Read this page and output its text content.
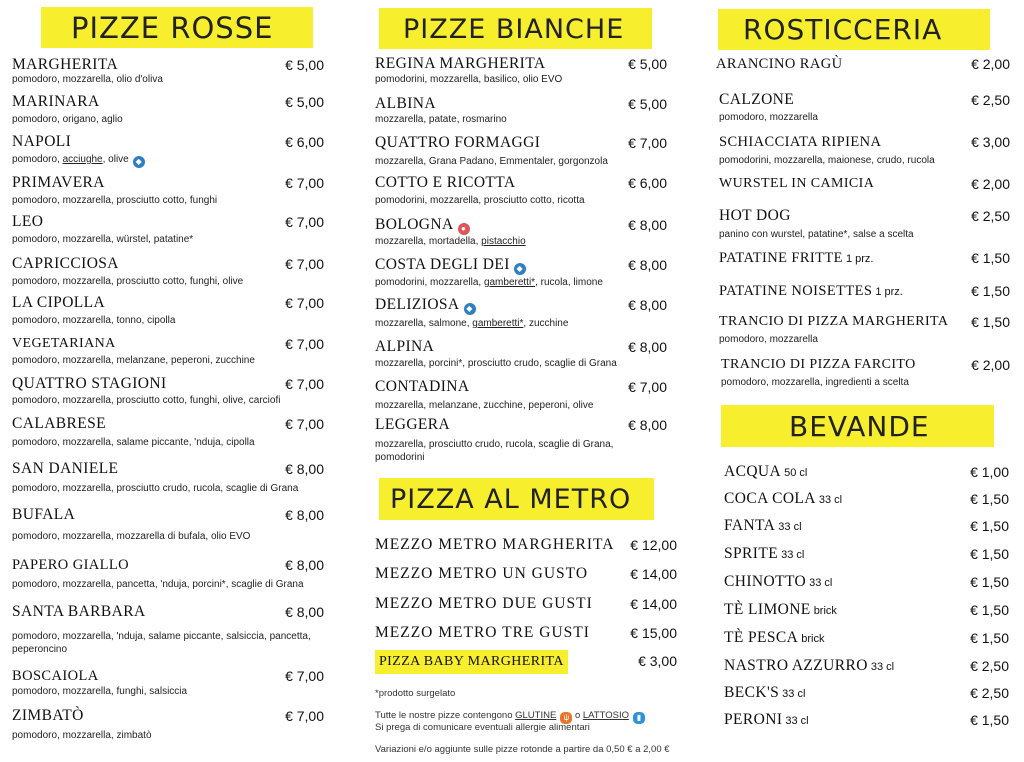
PIZZE ROSSE
MARGHERITA	€ 5,00
pomodoro, mozzarella, olio d'oliva
MARINARA	€ 5,00
pomodoro, origano, aglio
NAPOLI	€ 6,00
pomodoro, acciughe, olive ◆
PRIMAVERA	€ 7,00
pomodoro, mozzarella, prosciutto cotto, funghi
LEO	€ 7,00
pomodoro, mozzarella, würstel, patatine*
CAPRICCIOSA	€ 7,00
pomodoro, mozzarella, prosciutto cotto, funghi, olive
LA CIPOLLA	€ 7,00
pomodoro, mozzarella, tonno, cipolla
VEGETARIANA	€ 7,00
pomodoro, mozzarella, melanzane, peperoni, zucchine
QUATTRO STAGIONI	€ 7,00
pomodoro, mozzarella, prosciutto cotto, funghi, olive, carciofi
CALABRESE	€ 7,00
pomodoro, mozzarella, salame piccante, 'nduja, cipolla
SAN DANIELE	€ 8,00
pomodoro, mozzarella, prosciutto crudo, rucola, scaglie di Grana
BUFALA	€ 8,00
pomodoro, mozzarella, mozzarella di bufala, olio EVO
PAPERO GIALLO	€ 8,00
pomodoro, mozzarella, pancetta, 'nduja, porcini*, scaglie di Grana
SANTA BARBARA	€ 8,00
pomodoro, mozzarella, 'nduja, salame piccante, salsiccia, pancetta, peperoncino
BOSCAIOLA	€ 7,00
pomodoro, mozzarella, funghi, salsiccia
ZIMBATÒ	€ 7,00
pomodoro, mozzarella, zimbatò
PIZZE BIANCHE
REGINA MARGHERITA	€ 5,00
pomodorini, mozzarella, basilico, olio EVO
ALBINA	€ 5,00
mozzarella, patate, rosmarino
QUATTRO FORMAGGI	€ 7,00
mozzarella, Grana Padano, Emmentaler, gorgonzola
COTTO E RICOTTA	€ 6,00
pomodorini, mozzarella, prosciutto cotto, ricotta
BOLOGNA ●	€ 8,00
mozzarella, mortadella, pistacchio
COSTA DEGLI DEI ◆	€ 8,00
pomodorini, mozzarella, gamberetti*, rucola, limone
DELIZIOSA ◆	€ 8,00
mozzarella, salmone, gamberetti*, zucchine
ALPINA	€ 8,00
mozzarella, porcini*, prosciutto crudo, scaglie di Grana
CONTADINA	€ 7,00
mozzarella, melanzane, zucchine, peperoni, olive
LEGGERA	€ 8,00
mozzarella, prosciutto crudo, rucola, scaglie di Grana, pomodorini
PIZZA AL METRO
MEZZO METRO MARGHERITA € 12,00
MEZZO METRO UN GUSTO	€ 14,00
MEZZO METRO DUE GUSTI	€ 14,00
MEZZO METRO TRE GUSTI	€ 15,00
PIZZA BABY MARGHERITA	€ 3,00
*prodotto surgelato
Tutte le nostre pizze contengono GLUTINE ψ o LATTOSIO ▮
Si prega di comunicare eventuali allergie alimentari
Variazioni e/o aggiunte sulle pizze rotonde a partire da 0,50 € a 2,00 €
ROSTICCERIA
ARANCINO RAGÙ	€ 2,00
CALZONE	€ 2,50
pomodoro, mozzarella
SCHIACCIATA RIPIENA	€ 3,00
pomodorini, mozzarella, maionese, crudo, rucola
WURSTEL IN CAMICIA	€ 2,00
HOT DOG	€ 2,50
panino con wurstel, patatine*, salse a scelta
PATATINE FRITTE 1 prz.	€ 1,50
PATATINE NOISETTES 1 prz.	€ 1,50
TRANCIO DI PIZZA MARGHERITA € 1,50
pomodoro, mozzarella
TRANCIO DI PIZZA FARCITO	€ 2,00
pomodoro, mozzarella, ingredienti a scelta
BEVANDE
ACQUA 50 cl	€ 1,00
COCA COLA 33 cl	€ 1,50
FANTA 33 cl	€ 1,50
SPRITE 33 cl	€ 1,50
CHINOTTO 33 cl	€ 1,50
TÈ LIMONE brick	€ 1,50
TÈ PESCA brick	€ 1,50
NASTRO AZZURRO 33 cl	€ 2,50
BECK'S 33 cl	€ 2,50
PERONI 33 cl	€ 1,50
